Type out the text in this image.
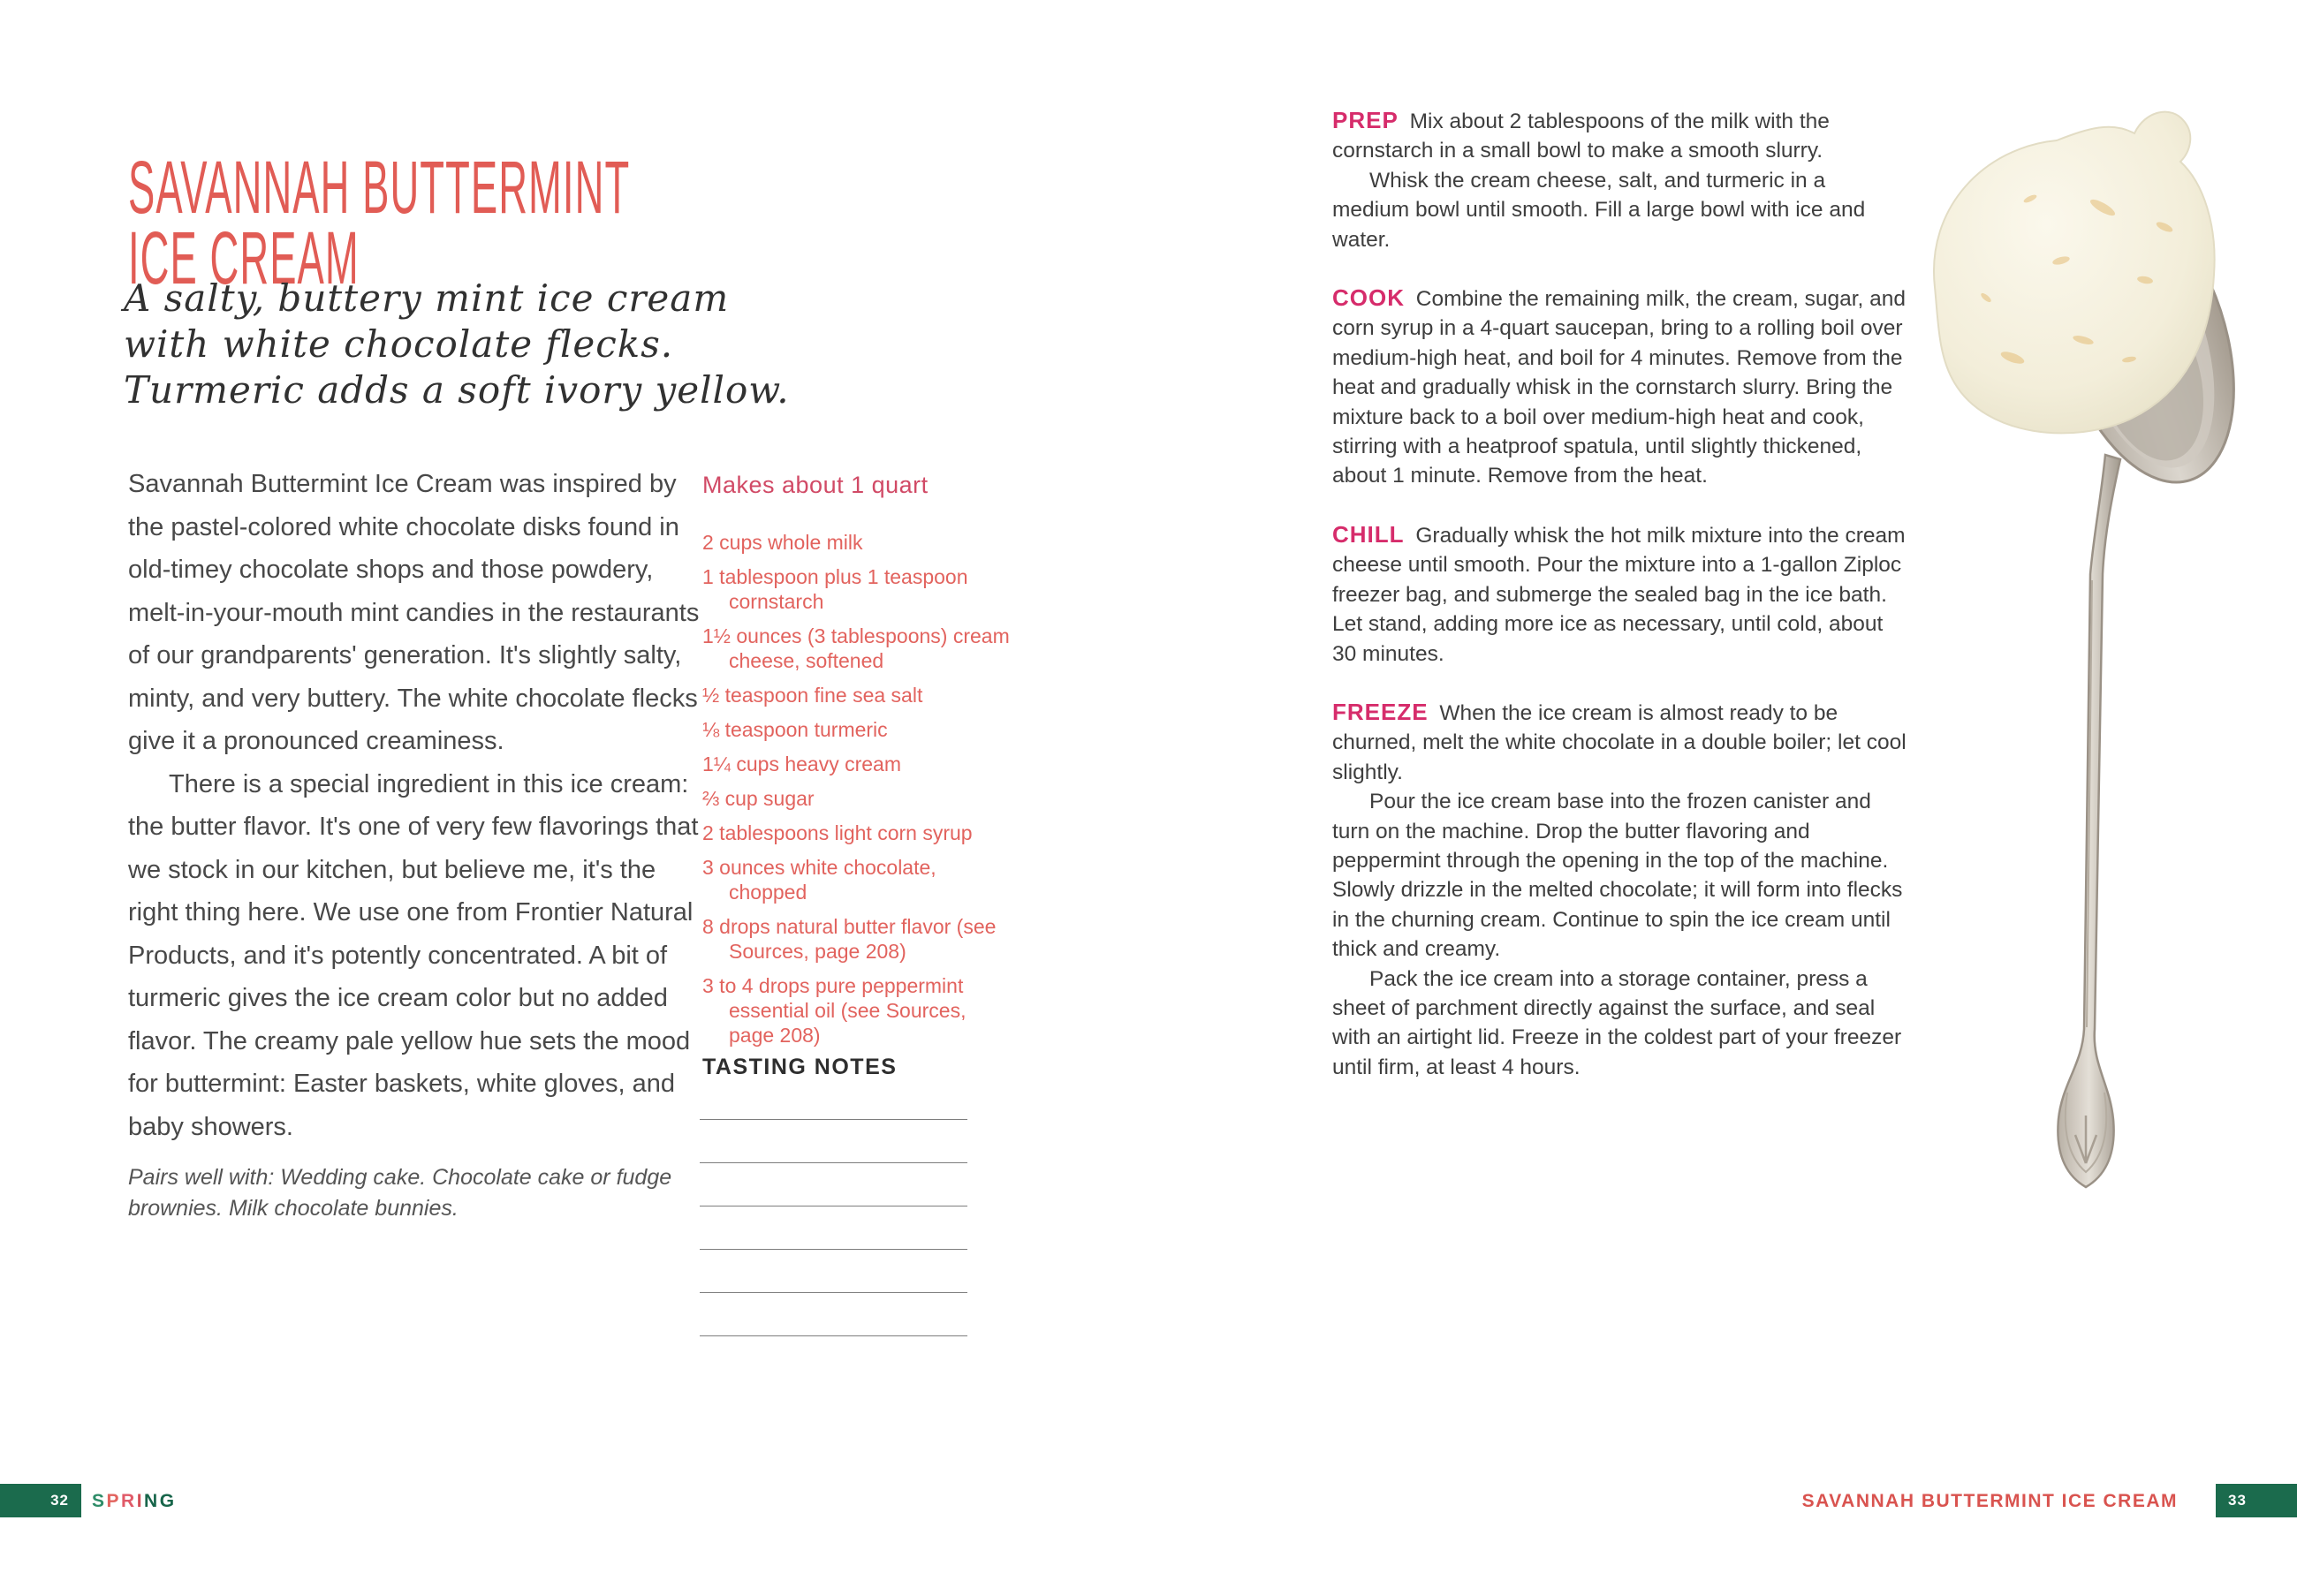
SAVANNAH BUTTERMINT
ICE CREAM
A salty, buttery mint ice cream
with white chocolate flecks.
Turmeric adds a soft ivory yellow.

Savannah Buttermint Ice Cream was inspired by the pastel-colored white chocolate disks found in old-timey chocolate shops and those powdery, melt-in-your-mouth mint candies in the restaurants of our grandparents' generation. It's slightly salty, minty, and very buttery. The white chocolate flecks give it a pronounced creaminess.

There is a special ingredient in this ice cream: the butter flavor. It's one of very few flavorings that we stock in our kitchen, but believe me, it's the right thing here. We use one from Frontier Natural Products, and it's potently concentrated. A bit of turmeric gives the ice cream color but no added flavor. The creamy pale yellow hue sets the mood for buttermint: Easter baskets, white gloves, and baby showers.

Pairs well with: Wedding cake. Chocolate cake or fudge brownies. Milk chocolate bunnies.
Makes about 1 quart
2 cups whole milk
1 tablespoon plus 1 teaspoon cornstarch
1½ ounces (3 tablespoons) cream cheese, softened
½ teaspoon fine sea salt
⅛ teaspoon turmeric
1¼ cups heavy cream
⅔ cup sugar
2 tablespoons light corn syrup
3 ounces white chocolate, chopped
8 drops natural butter flavor (see Sources, page 208)
3 to 4 drops pure peppermint essential oil (see Sources, page 208)
TASTING NOTES

PREP Mix about 2 tablespoons of the milk with the cornstarch in a small bowl to make a smooth slurry.

Whisk the cream cheese, salt, and turmeric in a medium bowl until smooth. Fill a large bowl with ice and water.

COOK Combine the remaining milk, the cream, sugar, and corn syrup in a 4-quart saucepan, bring to a rolling boil over medium-high heat, and boil for 4 minutes. Remove from the heat and gradually whisk in the cornstarch slurry. Bring the mixture back to a boil over medium-high heat and cook, stirring with a heatproof spatula, until slightly thickened, about 1 minute. Remove from the heat.

CHILL Gradually whisk the hot milk mixture into the cream cheese until smooth. Pour the mixture into a 1-gallon Ziploc freezer bag, and submerge the sealed bag in the ice bath. Let stand, adding more ice as necessary, until cold, about 30 minutes.

FREEZE When the ice cream is almost ready to be churned, melt the white chocolate in a double boiler; let cool slightly.

Pour the ice cream base into the frozen canister and turn on the machine. Drop the butter flavoring and peppermint through the opening in the top of the machine. Slowly drizzle in the melted chocolate; it will form into flecks in the churning cream. Continue to spin the ice cream until thick and creamy.

Pack the ice cream into a storage container, press a sheet of parchment directly against the surface, and seal with an airtight lid. Freeze in the coldest part of your freezer until firm, at least 4 hours.

32	SPRING	SAVANNAH BUTTERMINT ICE CREAM	33
